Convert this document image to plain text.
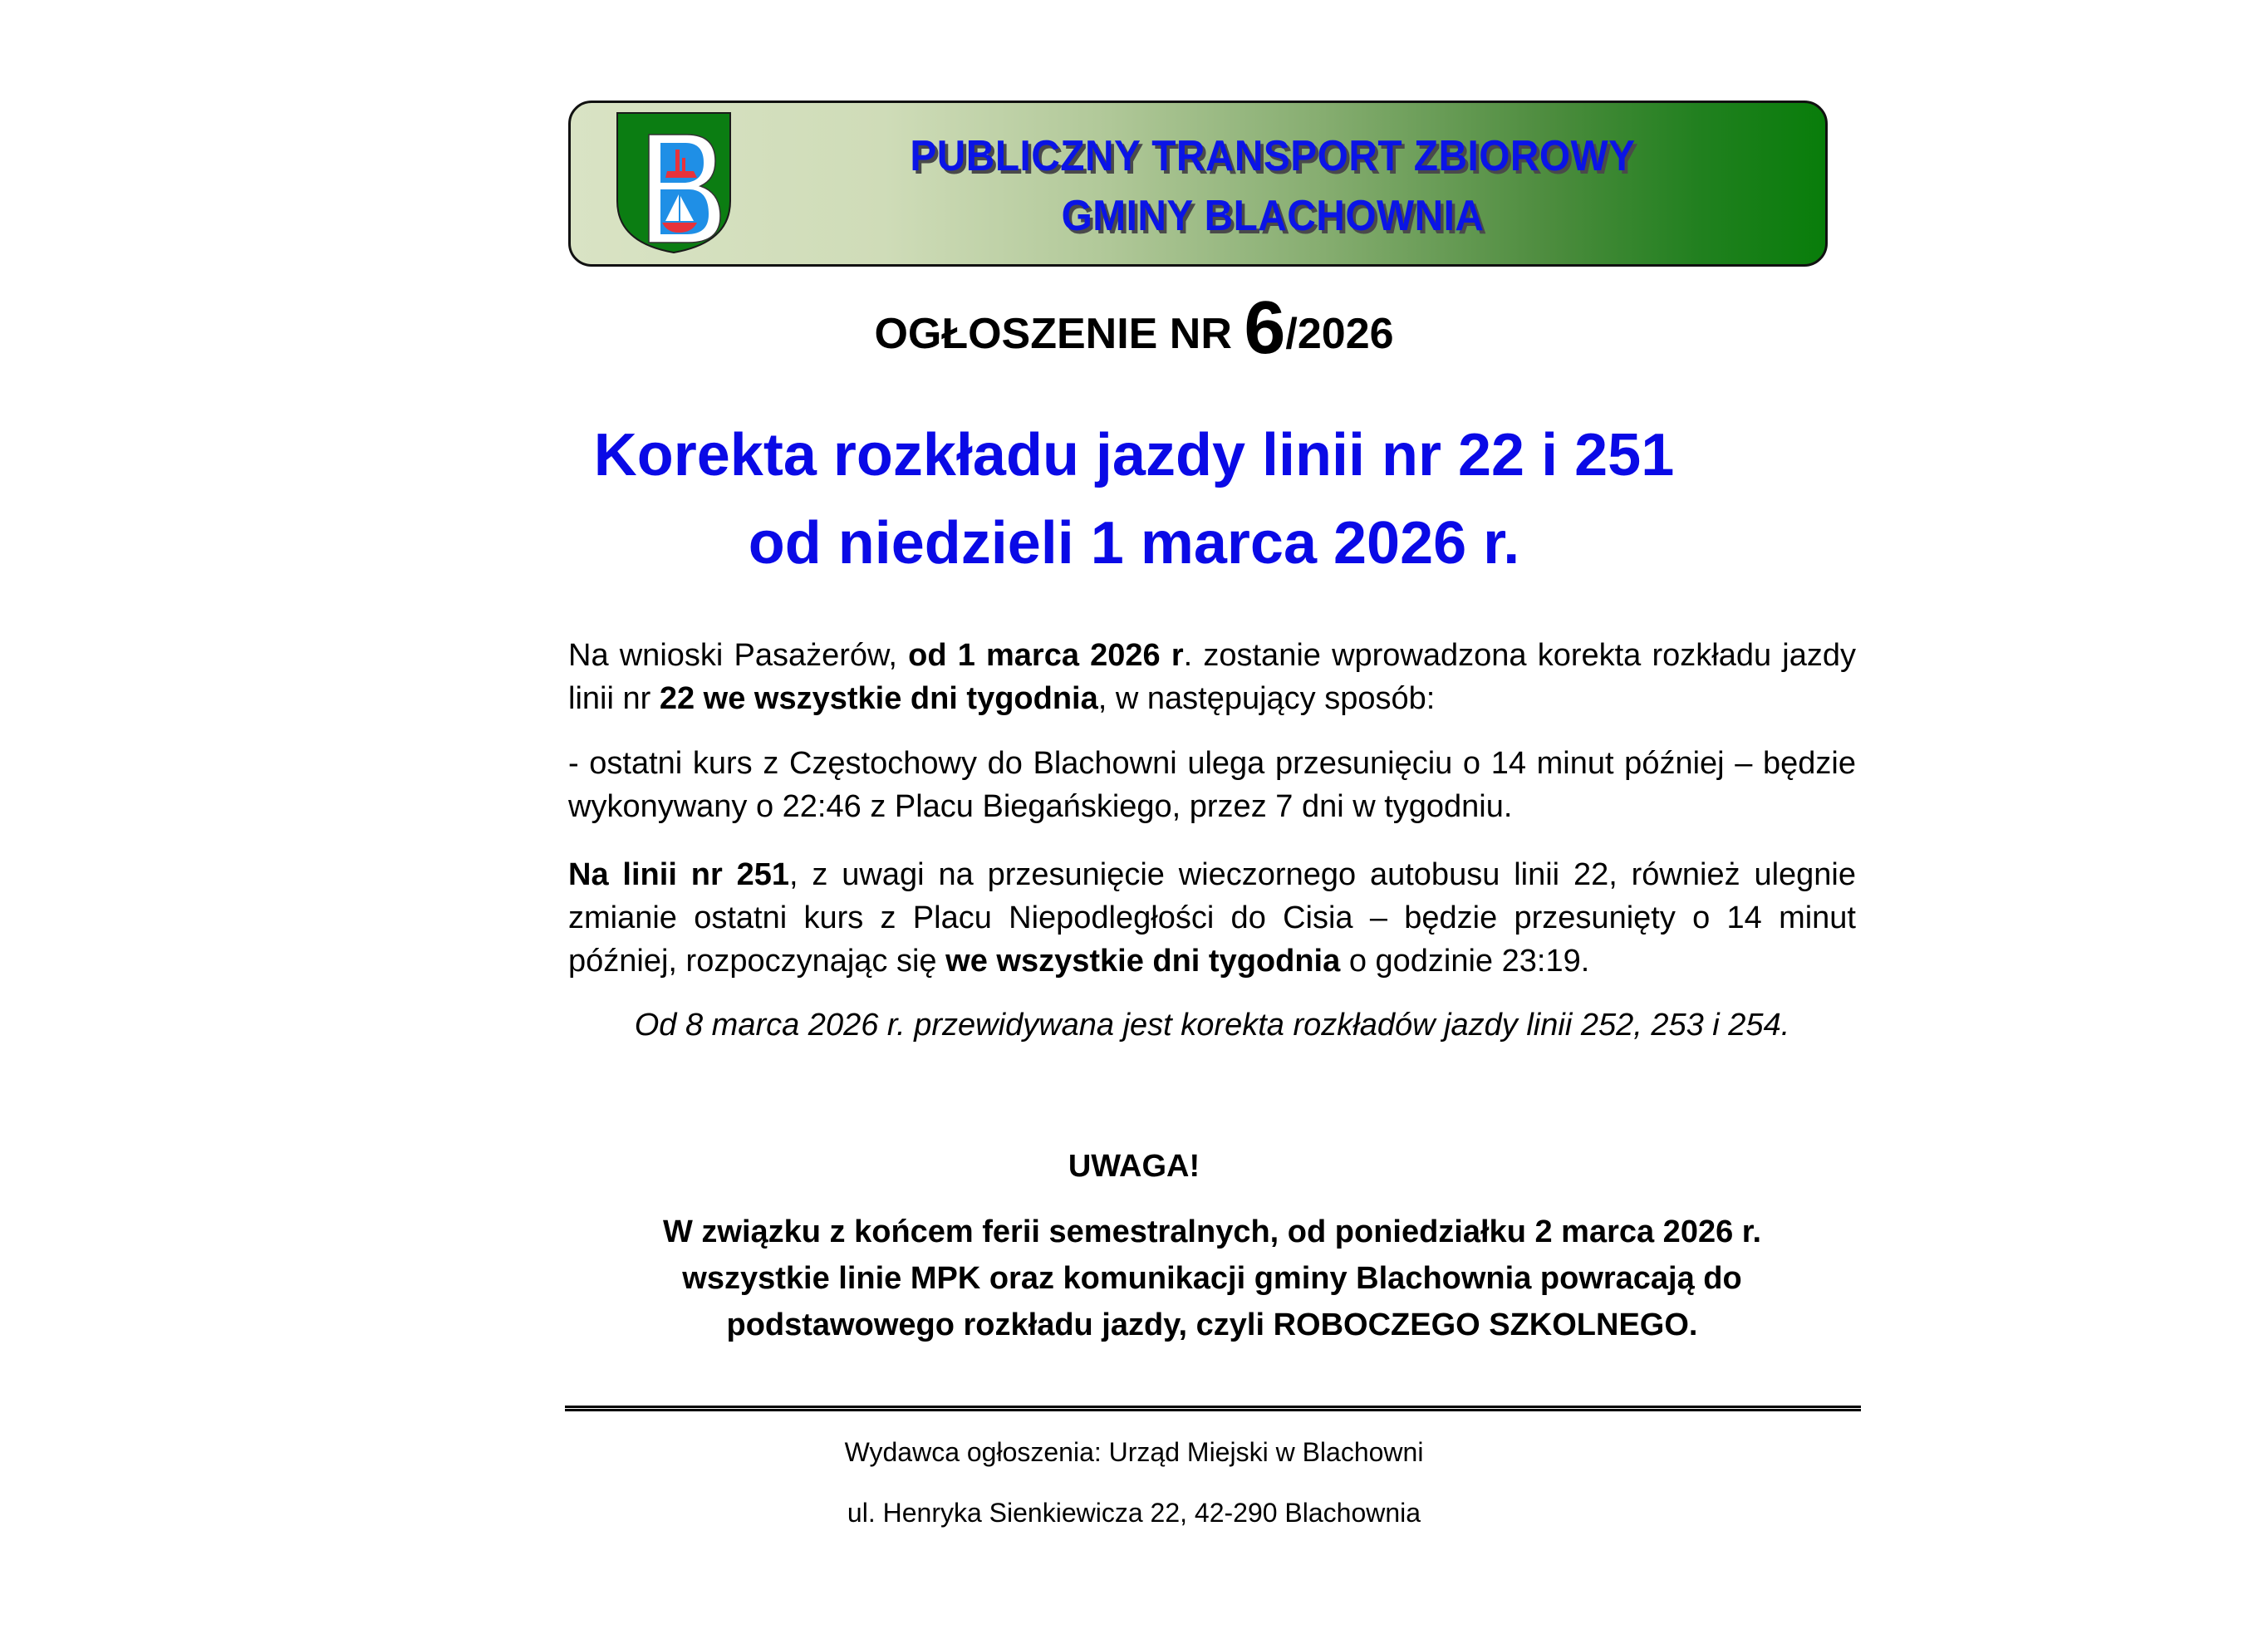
PUBLICZNY TRANSPORT ZBIOROWY
GMINY BLACHOWNIA
OGŁOSZENIE NR 6/2026
Korekta rozkładu jazdy linii nr 22 i 251
od niedzieli 1 marca 2026 r.
Na wnioski Pasażerów, od 1 marca 2026 r. zostanie wprowadzona korekta rozkładu jazdy linii nr 22 we wszystkie dni tygodnia, w następujący sposób:
- ostatni kurs z Częstochowy do Blachowni ulega przesunięciu o 14 minut później – będzie wykonywany o 22:46 z Placu Biegańskiego, przez 7 dni w tygodniu.
Na linii nr 251, z uwagi na przesunięcie wieczornego autobusu linii 22, również ulegnie zmianie ostatni kurs z Placu Niepodległości do Cisia – będzie przesunięty o 14 minut później, rozpoczynając się we wszystkie dni tygodnia o godzinie 23:19.
Od 8 marca 2026 r. przewidywana jest korekta rozkładów jazdy linii 252, 253 i 254.
UWAGA!
W związku z końcem ferii semestralnych, od poniedziałku 2 marca 2026 r.
wszystkie linie MPK oraz komunikacji gminy Blachownia powracają do
podstawowego rozkładu jazdy, czyli ROBOCZEGO SZKOLNEGO.
Wydawca ogłoszenia: Urząd Miejski w Blachowni
ul. Henryka Sienkiewicza 22, 42-290 Blachownia
